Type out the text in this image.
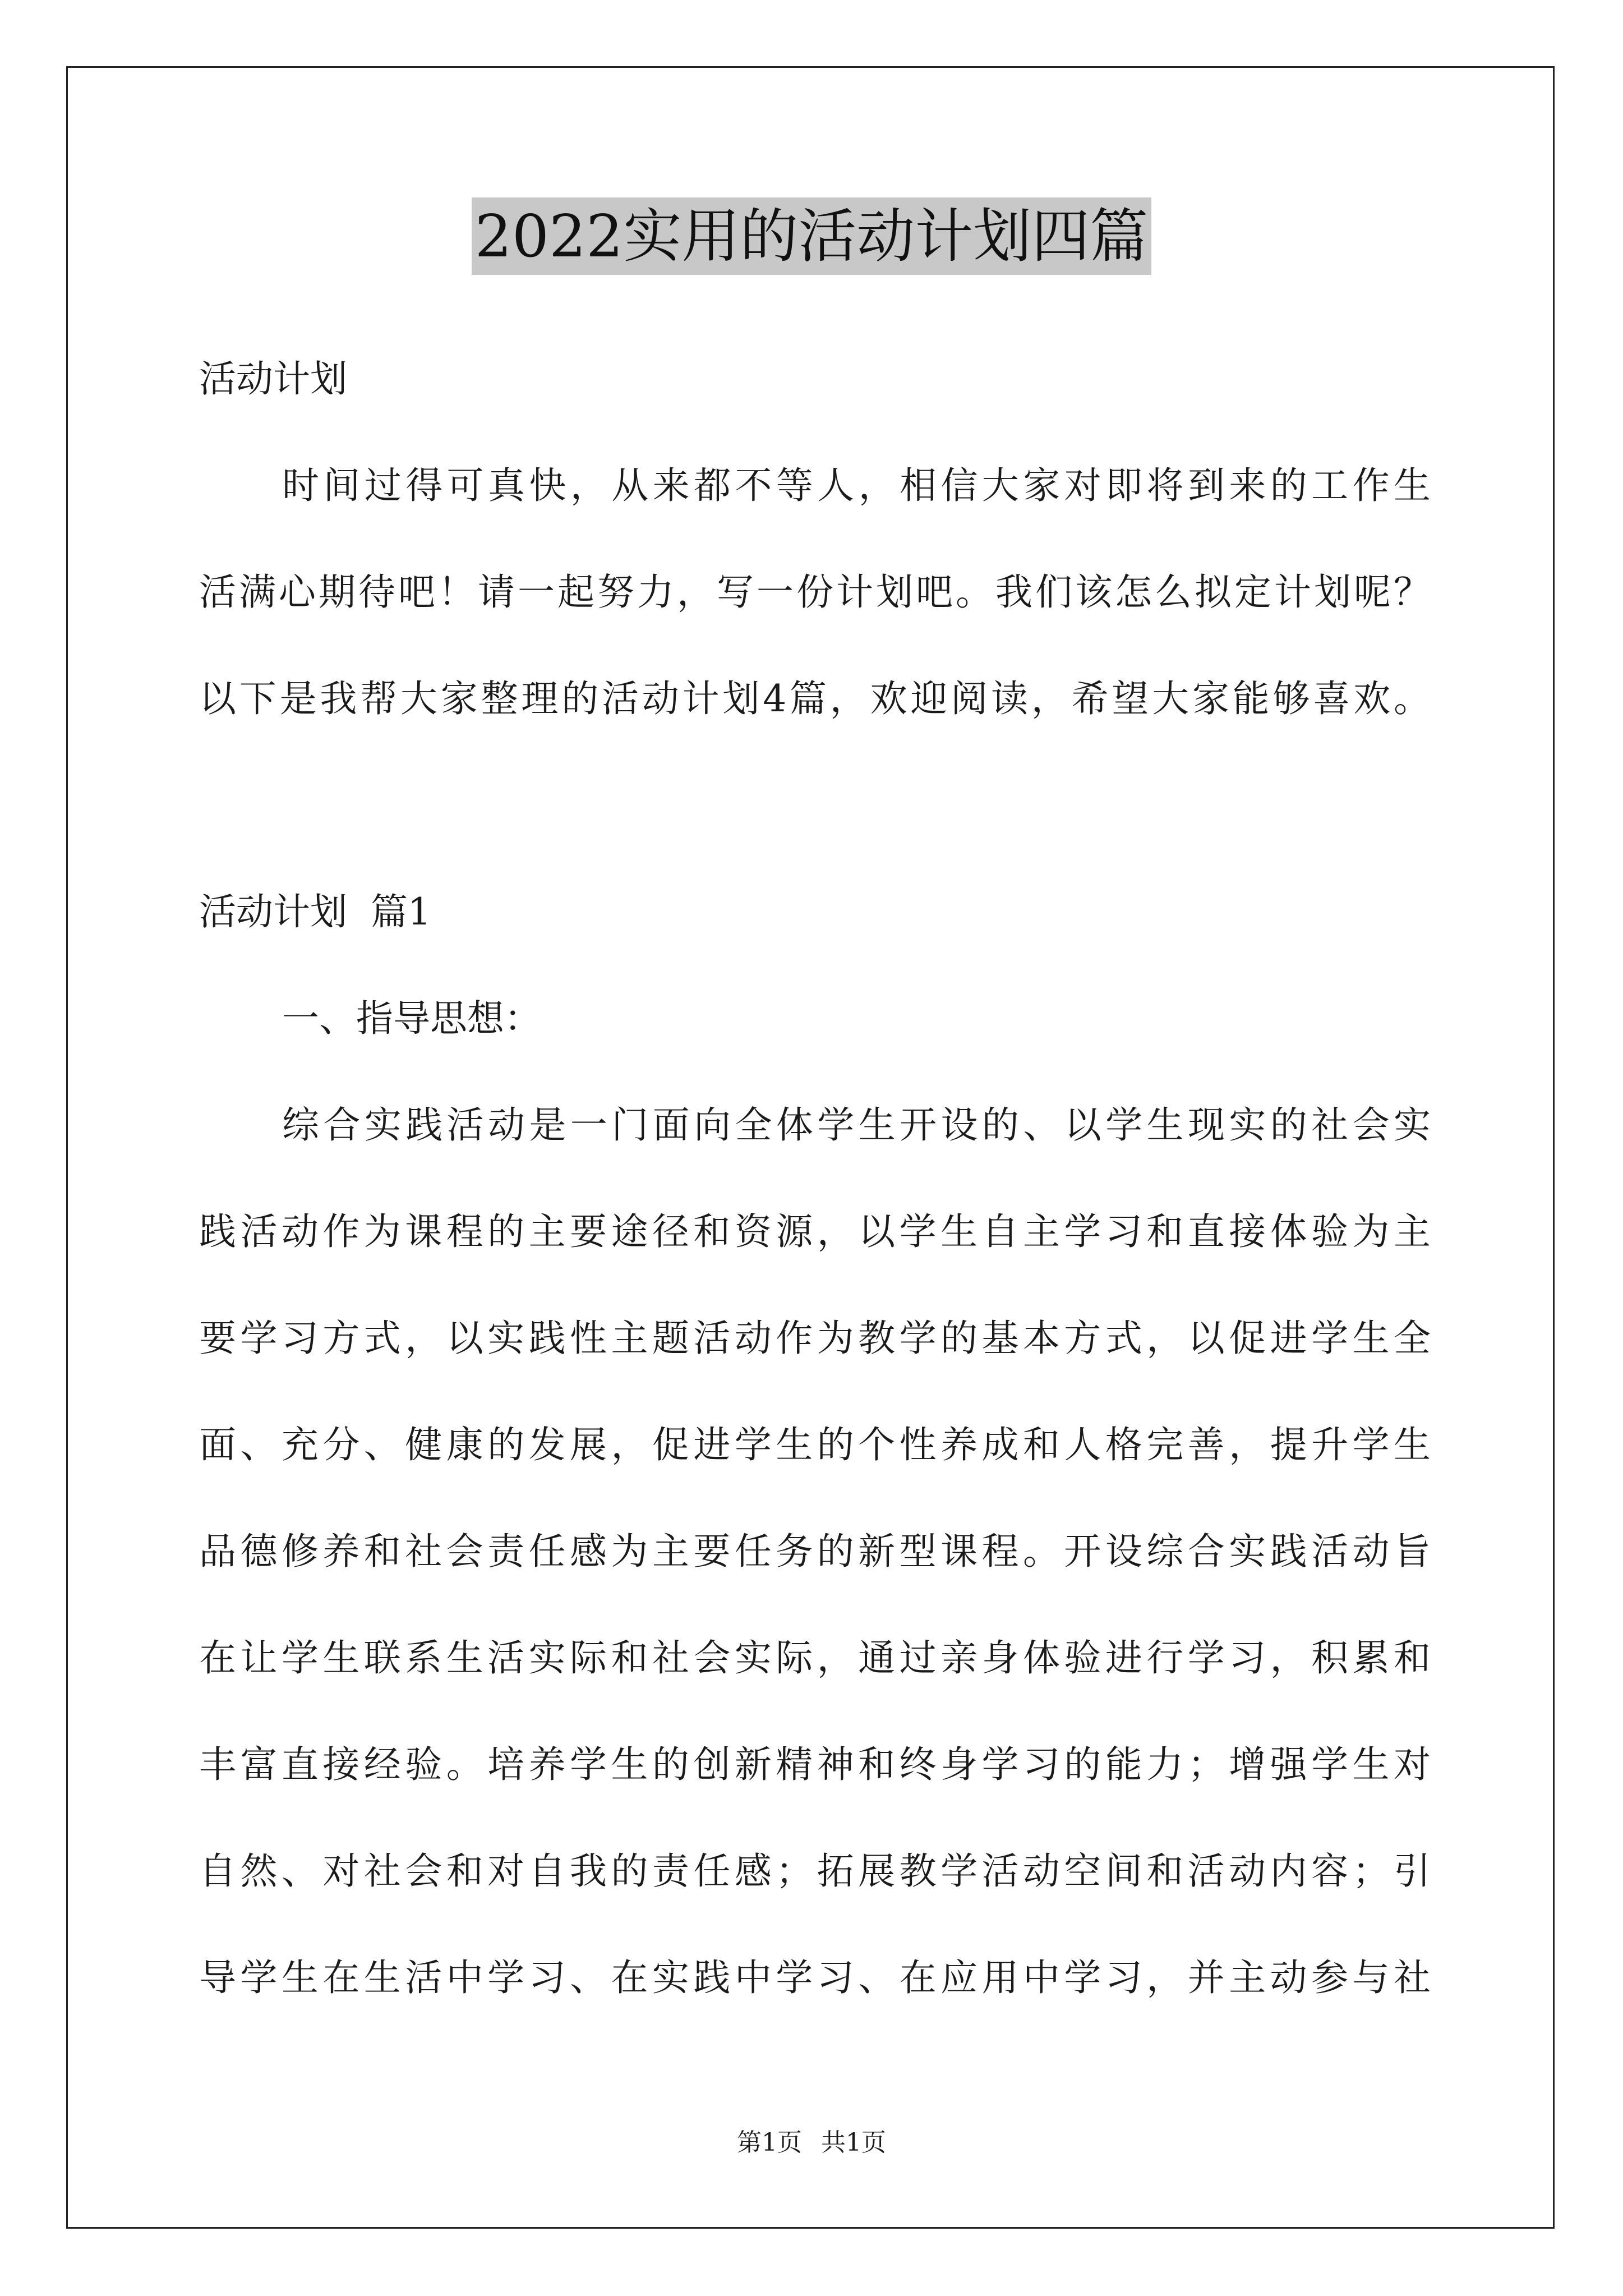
2022实用的活动计划四篇
活动计划
时间过得可真快，从来都不等人，相信大家对即将到来的工作生
活满心期待吧！请一起努力，写一份计划吧。我们该怎么拟定计划呢？
以下是我帮大家整理的活动计划4篇，欢迎阅读，希望大家能够喜欢。
活动计划  篇1
一、指导思想：
综合实践活动是一门面向全体学生开设的、以学生现实的社会实
践活动作为课程的主要途径和资源，以学生自主学习和直接体验为主
要学习方式，以实践性主题活动作为教学的基本方式，以促进学生全
面、充分、健康的发展，促进学生的个性养成和人格完善，提升学生
品德修养和社会责任感为主要任务的新型课程。开设综合实践活动旨
在让学生联系生活实际和社会实际，通过亲身体验进行学习，积累和
丰富直接经验。培养学生的创新精神和终身学习的能力；增强学生对
自然、对社会和对自我的责任感；拓展教学活动空间和活动内容；引
导学生在生活中学习、在实践中学习、在应用中学习，并主动参与社
第1页 共1页
